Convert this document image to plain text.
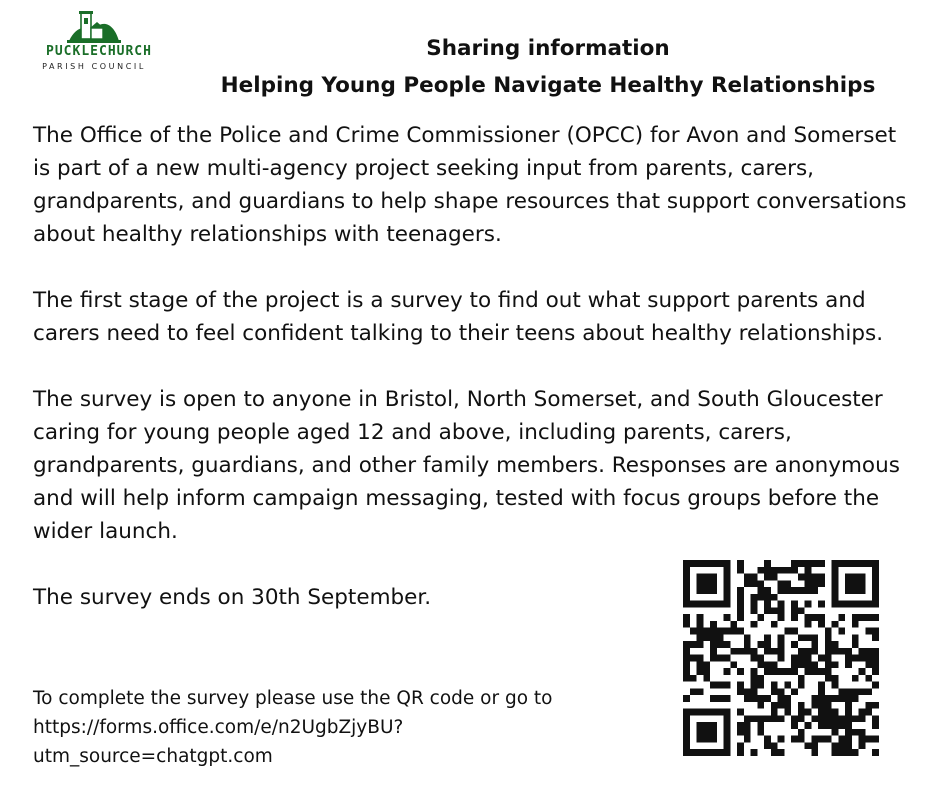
PUCKLECHURCH
PARISH COUNCIL
Sharing information
Helping Young People Navigate Healthy Relationships

The Office of the Police and Crime Commissioner (OPCC) for Avon and Somerset is part of a new multi-agency project seeking input from parents, carers, grandparents, and guardians to help shape resources that support conversations about healthy relationships with teenagers.

The first stage of the project is a survey to find out what support parents and carers need to feel confident talking to their teens about healthy relationships.

The survey is open to anyone in Bristol, North Somerset, and South Gloucester caring for young people aged 12 and above, including parents, carers, grandparents, guardians, and other family members. Responses are anonymous and will help inform campaign messaging, tested with focus groups before the wider launch.

The survey ends on 30th September.

To complete the survey please use the QR code or go to
https://forms.office.com/e/n2UgbZjyBU?
utm_source=chatgpt.com
